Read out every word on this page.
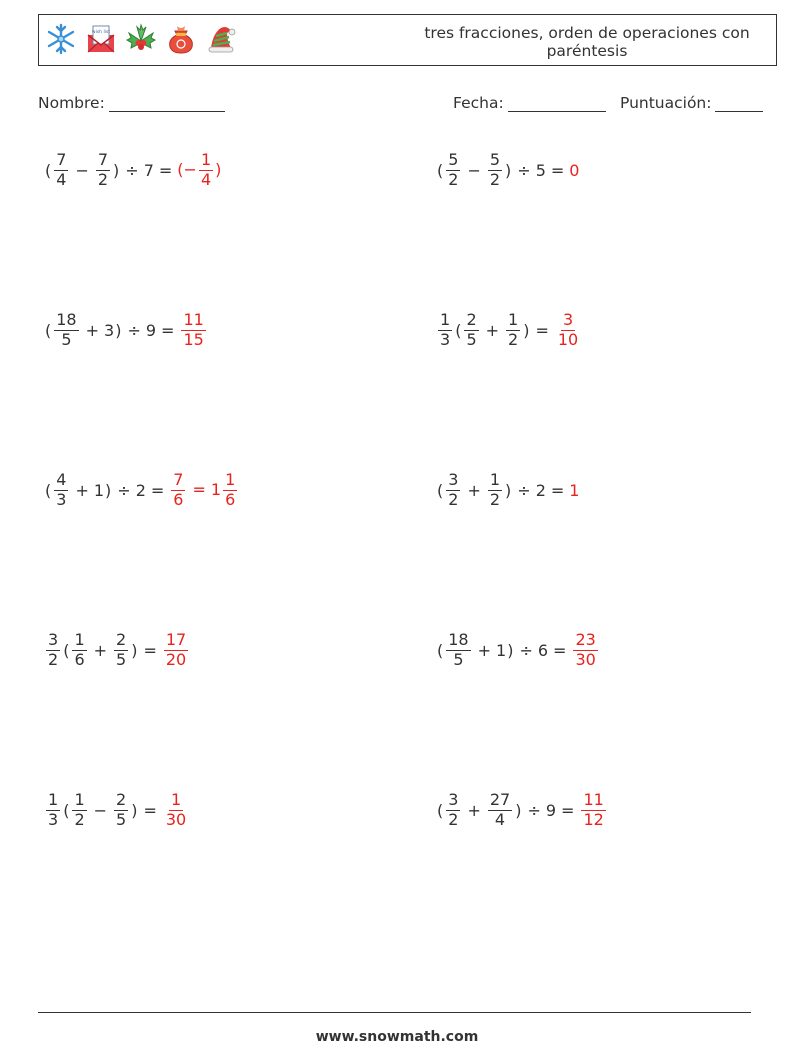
wish list	tres fracciones, orden de operaciones con paréntesis
Nombre:	Fecha:	Puntuación:
( $\frac{7}{4} - \frac{7}{2}$ ) ÷ 7 = (− $\frac{1}{4}$ )	( $\frac{5}{2} - \frac{5}{2}$ ) ÷ 5 = 0
( $\frac{18}{5} + 3$ ) ÷ $9 = \frac{11}{15}$	$\frac{1}{3}$ ( $\frac{2}{5} + \frac{1}{2}$ ) = $\frac{3}{10}$
( $\frac{4}{3} + 1$ ) ÷ $2 = \frac{7}{6} = 1 \frac{1}{6}$	( $\frac{3}{2} + \frac{1}{2}$ ) ÷ 2 = 1
$\frac{3}{2}$ ( $\frac{1}{6} + \frac{2}{5}$ ) = $\frac{17}{20}$	( $\frac{18}{5} + 1$ ) ÷ $6 = \frac{23}{30}$
$\frac{1}{3}$ ( $\frac{1}{2} - \frac{2}{5}$ ) = $\frac{1}{30}$	( $\frac{3}{2} + \frac{27}{4}$ ) ÷ $9 = \frac{11}{12}$
www.snowmath.com
